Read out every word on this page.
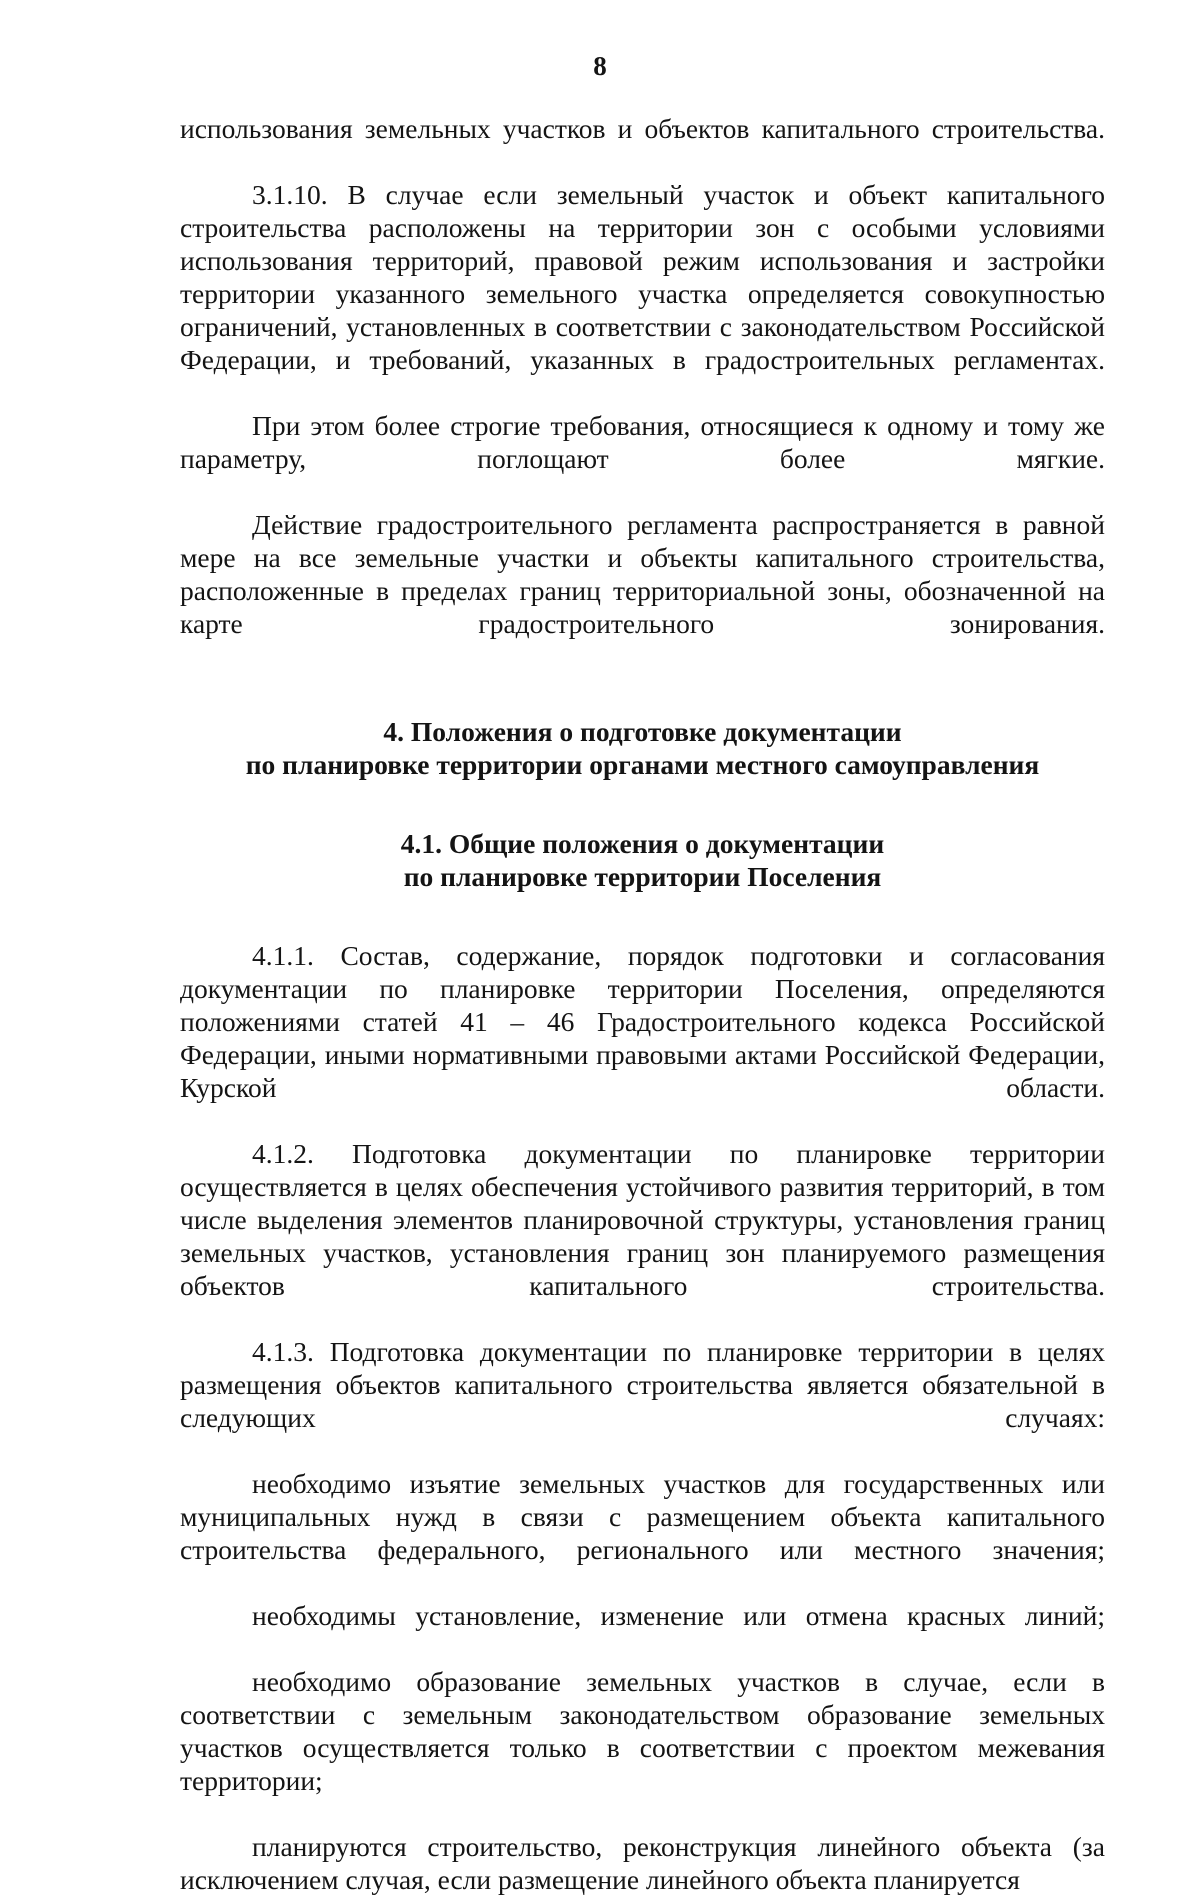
8

использования земельных участков и объектов капитального строительства.

3.1.10. В случае если земельный участок и объект капитального строительства расположены на территории зон с особыми условиями использования территорий, правовой режим использования и застройки территории указанного земельного участка определяется совокупностью ограничений, установленных в соответствии с законодательством Российской Федерации, и требований, указанных в градостроительных регламентах.

При этом более строгие требования, относящиеся к одному и тому же параметру, поглощают более мягкие.

Действие градостроительного регламента распространяется в равной мере на все земельные участки и объекты капитального строительства, расположенные в пределах границ территориальной зоны, обозначенной на карте градостроительного зонирования.

4. Положения о подготовке документации
по планировке территории органами местного самоуправления
4.1. Общие положения о документации
по планировке территории Поселения

4.1.1. Состав, содержание, порядок подготовки и согласования документации по планировке территории Поселения, определяются положениями статей 41 – 46 Градостроительного кодекса Российской Федерации, иными нормативными правовыми актами Российской Федерации, Курской области.

4.1.2. Подготовка документации по планировке территории осуществляется в целях обеспечения устойчивого развития территорий, в том числе выделения элементов планировочной структуры, установления границ земельных участков, установления границ зон планируемого размещения объектов капитального строительства.

4.1.3. Подготовка документации по планировке территории в целях размещения объектов капитального строительства является обязательной в следующих случаях:

необходимо изъятие земельных участков для государственных или муниципальных нужд в связи с размещением объекта капитального строительства федерального, регионального или местного значения;

необходимы установление, изменение или отмена красных линий;

необходимо образование земельных участков в случае, если в соответствии с земельным законодательством образование земельных участков осуществляется только в соответствии с проектом межевания территории;

планируются строительство, реконструкция линейного объекта (за исключением случая, если размещение линейного объекта планируется
